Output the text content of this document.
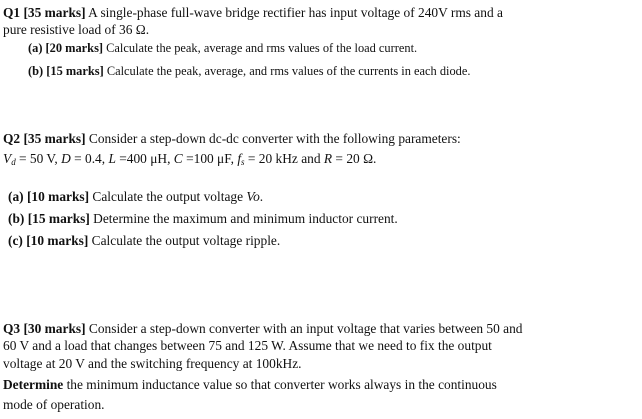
Q1 [35 marks] A single-phase full-wave bridge rectifier has input voltage of 240V rms and a
pure resistive load of 36 Ω.
(a) [20 marks] Calculate the peak, average and rms values of the load current.
(b) [15 marks] Calculate the peak, average, and rms values of the currents in each diode.
Q2 [35 marks] Consider a step-down dc-dc converter with the following parameters:
$V_d = 50$ V, D = 0.4, L =400 μH, C =100 μF, $f_s = 20$ kHz and R = 20 Ω.
(a) [10 marks] Calculate the output voltage Vo.
(b) [15 marks] Determine the maximum and minimum inductor current.
(c) [10 marks] Calculate the output voltage ripple.
Q3 [30 marks] Consider a step-down converter with an input voltage that varies between 50 and
60 V and a load that changes between 75 and 125 W. Assume that we need to fix the output
voltage at 20 V and the switching frequency at 100kHz.
Determine the minimum inductance value so that converter works always in the continuous
mode of operation.
